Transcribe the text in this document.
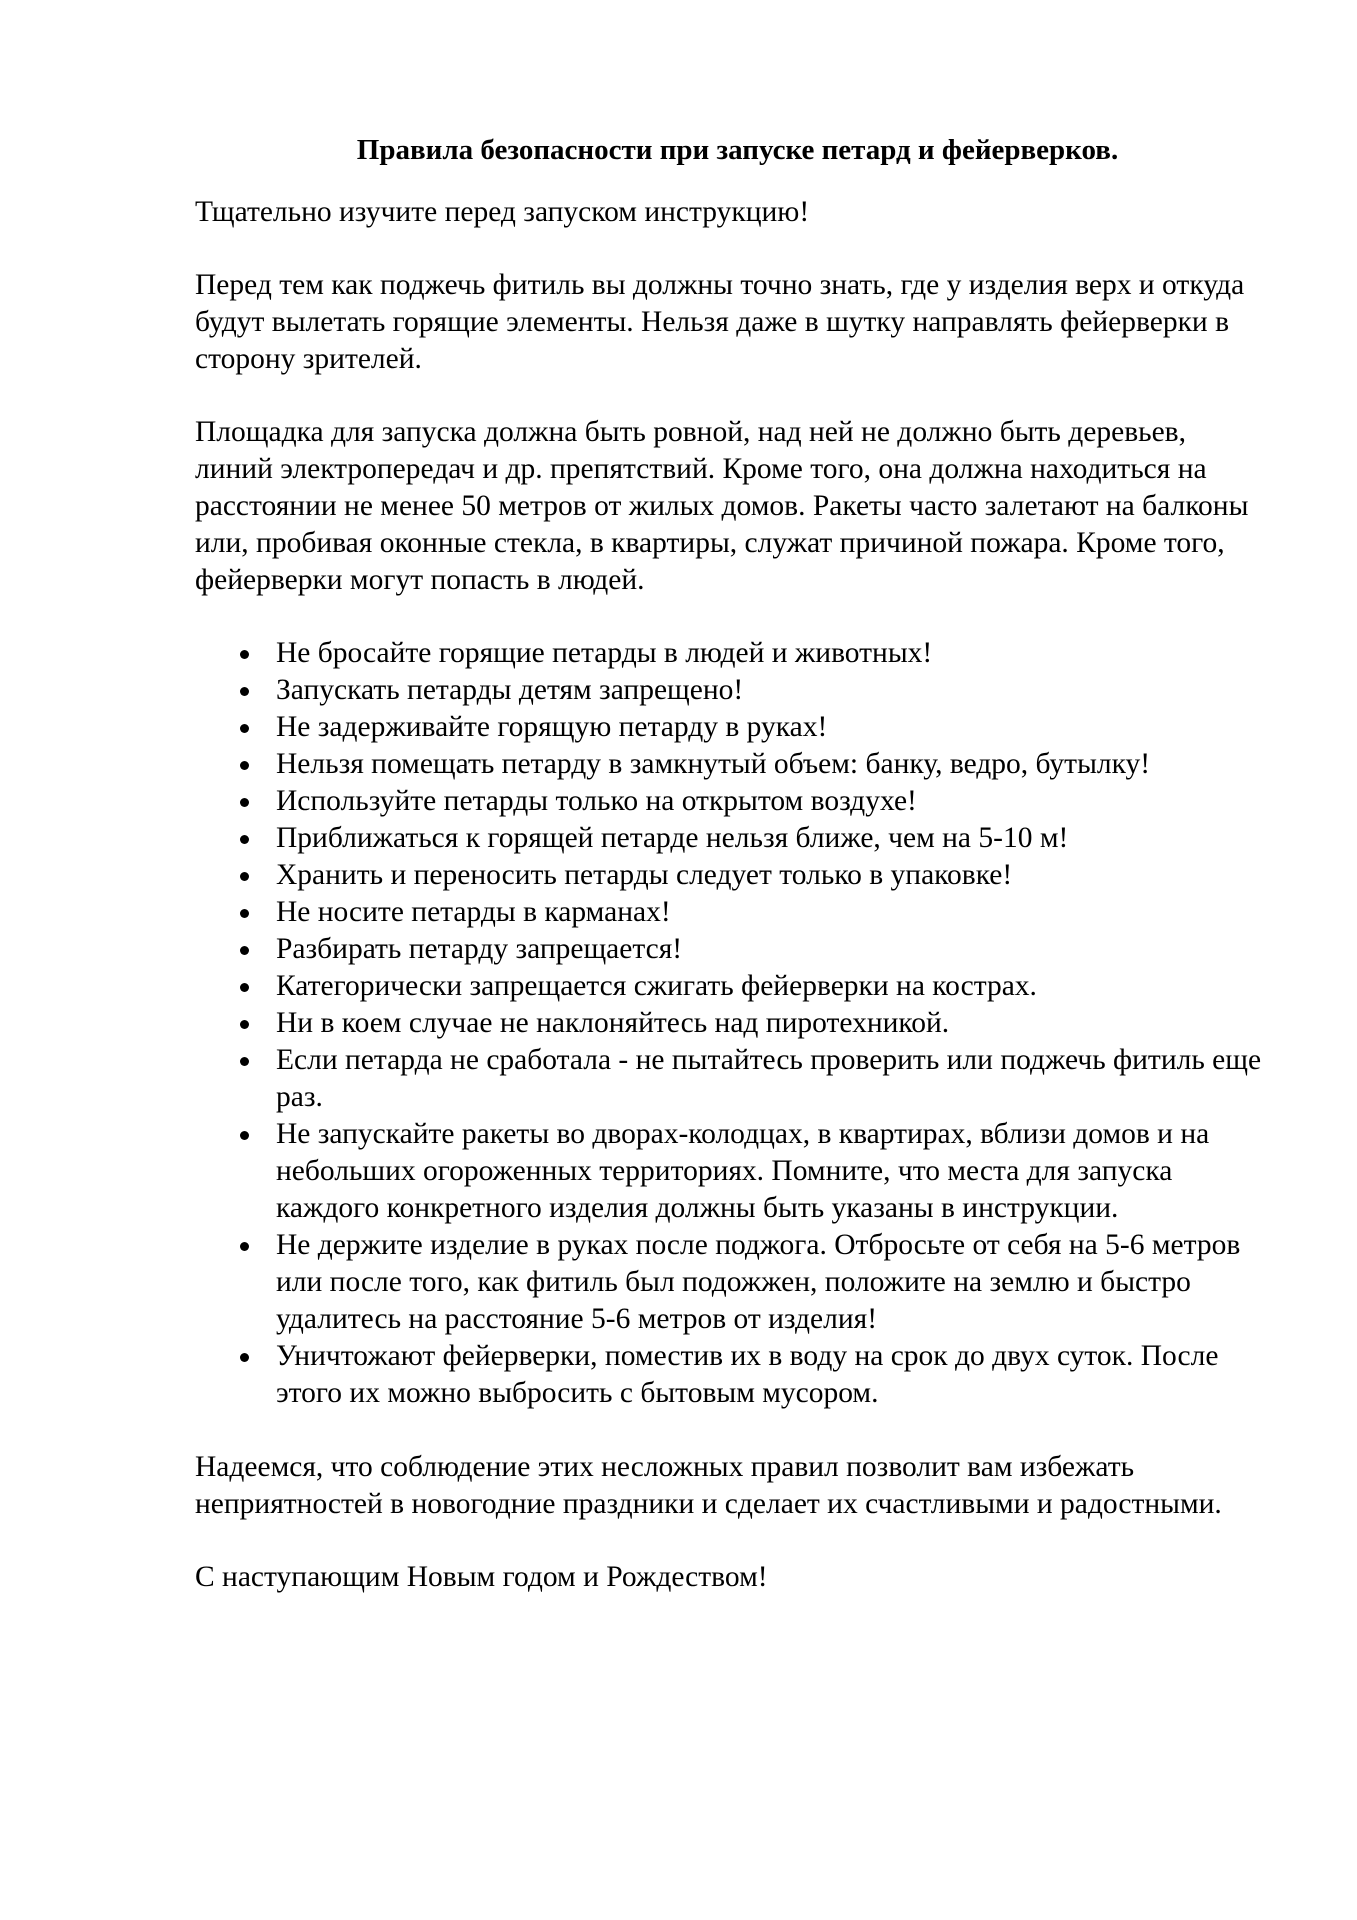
Правила безопасности при запуске петард и фейерверков.

Тщательно изучите перед запуском инструкцию!

Перед тем как поджечь фитиль вы должны точно знать, где у изделия верх и откуда будут вылетать горящие элементы. Нельзя даже в шутку направлять фейерверки в сторону зрителей.

Площадка для запуска должна быть ровной, над ней не должно быть деревьев, линий электропередач и др. препятствий. Кроме того, она должна находиться на расстоянии не менее 50 метров от жилых домов. Ракеты часто залетают на балконы или, пробивая оконные стекла, в квартиры, служат причиной пожара. Кроме того, фейерверки могут попасть в людей.

Не бросайте горящие петарды в людей и животных!
Запускать петарды детям запрещено!
Не задерживайте горящую петарду в руках!
Нельзя помещать петарду в замкнутый объем: банку, ведро, бутылку!
Используйте петарды только на открытом воздухе!
Приближаться к горящей петарде нельзя ближе, чем на 5-10 м!
Хранить и переносить петарды следует только в упаковке!
Не носите петарды в карманах!
Разбирать петарду запрещается!
Категорически запрещается сжигать фейерверки на кострах.
Ни в коем случае не наклоняйтесь над пиротехникой.
Если петарда не сработала - не пытайтесь проверить или поджечь фитиль еще раз.
Не запускайте ракеты во дворах-колодцах, в квартирах, вблизи домов и на небольших огороженных территориях. Помните, что места для запуска каждого конкретного изделия должны быть указаны в инструкции.
Не держите изделие в руках после поджога. Отбросьте от себя на 5-6 метров или после того, как фитиль был подожжен, положите на землю и быстро удалитесь на расстояние 5-6 метров от изделия!
Уничтожают фейерверки, поместив их в воду на срок до двух суток. После этого их можно выбросить с бытовым мусором.

Надеемся, что соблюдение этих несложных правил позволит вам избежать неприятностей в новогодние праздники и сделает их счастливыми и радостными.

С наступающим Новым годом и Рождеством!
